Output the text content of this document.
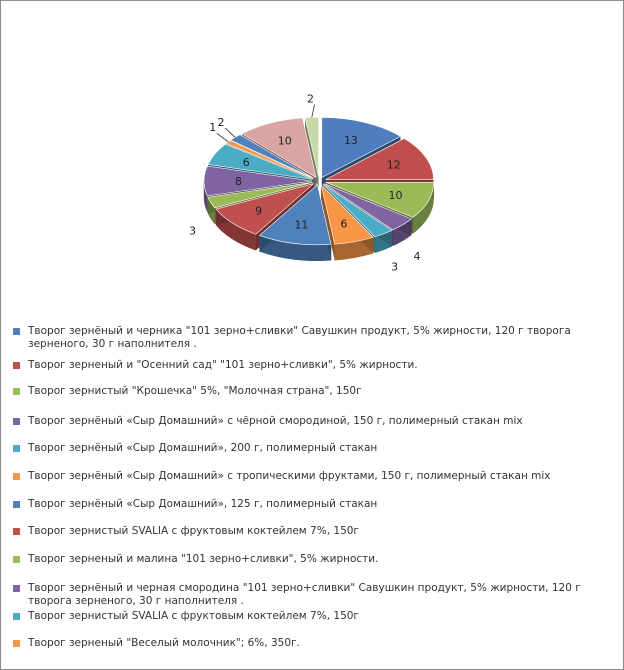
13
12
10
4
3
6
11
9
3
8
6
1 2
10
2
Творог зернёный и черника "101 зерно+сливки" Савушкин продукт, 5% жирности, 120 г творога зерненого, 30 г наполнителя .
Творог зерненый и "Осенний сад" "101 зерно+сливки", 5% жирности.
Творог зернистый "Крошечка" 5%, "Молочная страна", 150г
Творог зернёный «Сыр Домашний» с чёрной смородиной, 150 г, полимерный стакан mix
Творог зернёный «Сыр Домашний», 200 г, полимерный стакан
Творог зернёный «Сыр Домашний» с тропическими фруктами, 150 г, полимерный стакан mix
Творог зернёный «Сыр Домашний», 125 г, полимерный стакан
Творог зернистый SVALIA с фруктовым коктейлем 7%, 150г
Творог зерненый и малина "101 зерно+сливки", 5% жирности.
Творог зернёный и черная смородина "101 зерно+сливки" Савушкин продукт, 5% жирности, 120 г творога зерненого, 30 г наполнителя .
Творог зернистый SVALIA с фруктовым коктейлем 7%, 150г
Творог зерненый "Веселый молочник"; 6%, 350г.
